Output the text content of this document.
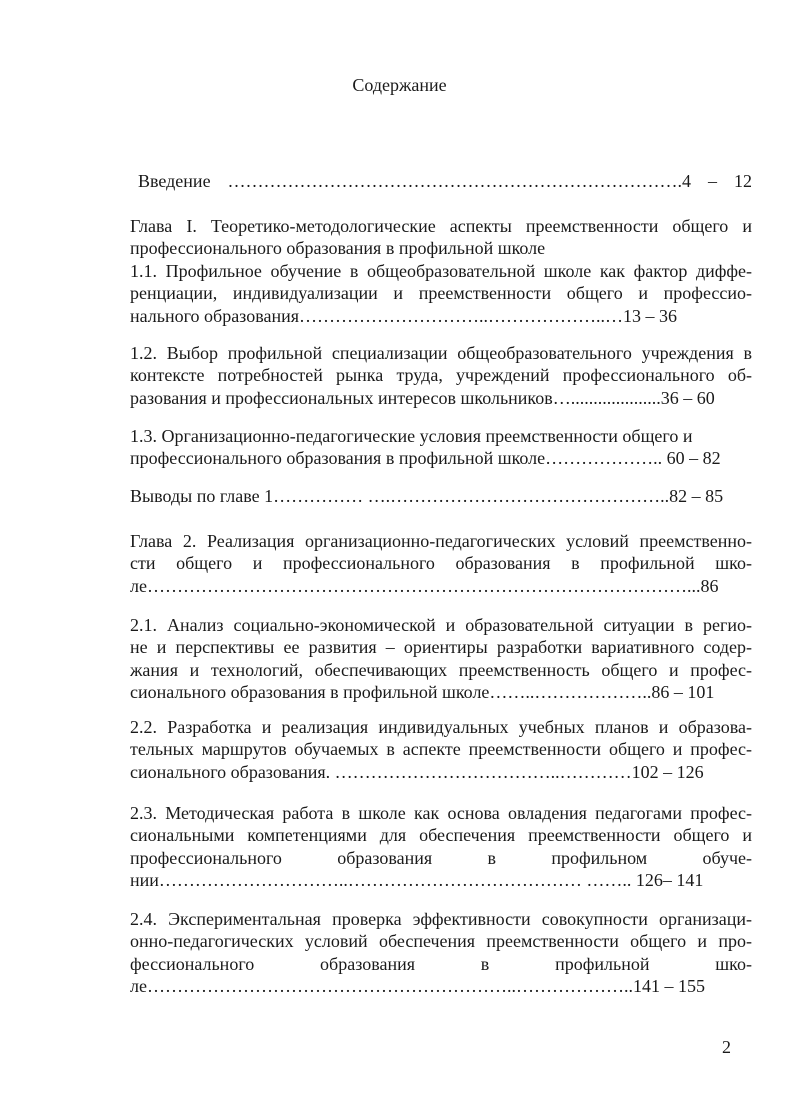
Содержание

Введение ………………………………………………………………….4 – 12

Глава I. Теоретико-методологические аспекты преемственности общего и

профессионального образования в профильной школе

1.1. Профильное обучение в общеобразовательной школе как фактор диффе-

ренциации, индивидуализации и преемственности общего и профессио-

нального образования…………………………..………………..…13 – 36

1.2. Выбор профильной специализации общеобразовательного учреждения в

контексте потребностей рынка труда, учреждений профессионального об-

разования и профессиональных интересов школьников…....................36 – 60

1.3. Организационно-педагогические условия преемственности общего и

профессионального образования в профильной школе……………….. 60 – 82

Выводы по главе 1…………… ….………………………………………..82 – 85

Глава 2. Реализация организационно-педагогических условий преемственно-

сти общего и профессионального образования в профильной шко-

ле………………………………………………………………………………...86

2.1. Анализ социально-экономической и образовательной ситуации в регио-

не и перспективы ее развития – ориентиры разработки вариативного содер-

жания и технологий, обеспечивающих преемственность общего и профес-

сионального образования в профильной школе……..………………..86 – 101

2.2. Разработка и реализация индивидуальных учебных планов и образова-

тельных маршрутов обучаемых в аспекте преемственности общего и профес-

сионального образования. ………………………………..…………102 – 126

2.3. Методическая работа в школе как основа овладения педагогами профес-

сиональными компетенциями для обеспечения преемственности общего и

профессионального образования в профильном обуче-

нии…………………………..………………………………… …….. 126– 141

2.4. Экспериментальная проверка эффективности совокупности организаци-

онно-педагогических условий обеспечения преемственности общего и про-

фессионального образования в профильной шко-

ле……………………………………………………..………………..141 – 155

2
